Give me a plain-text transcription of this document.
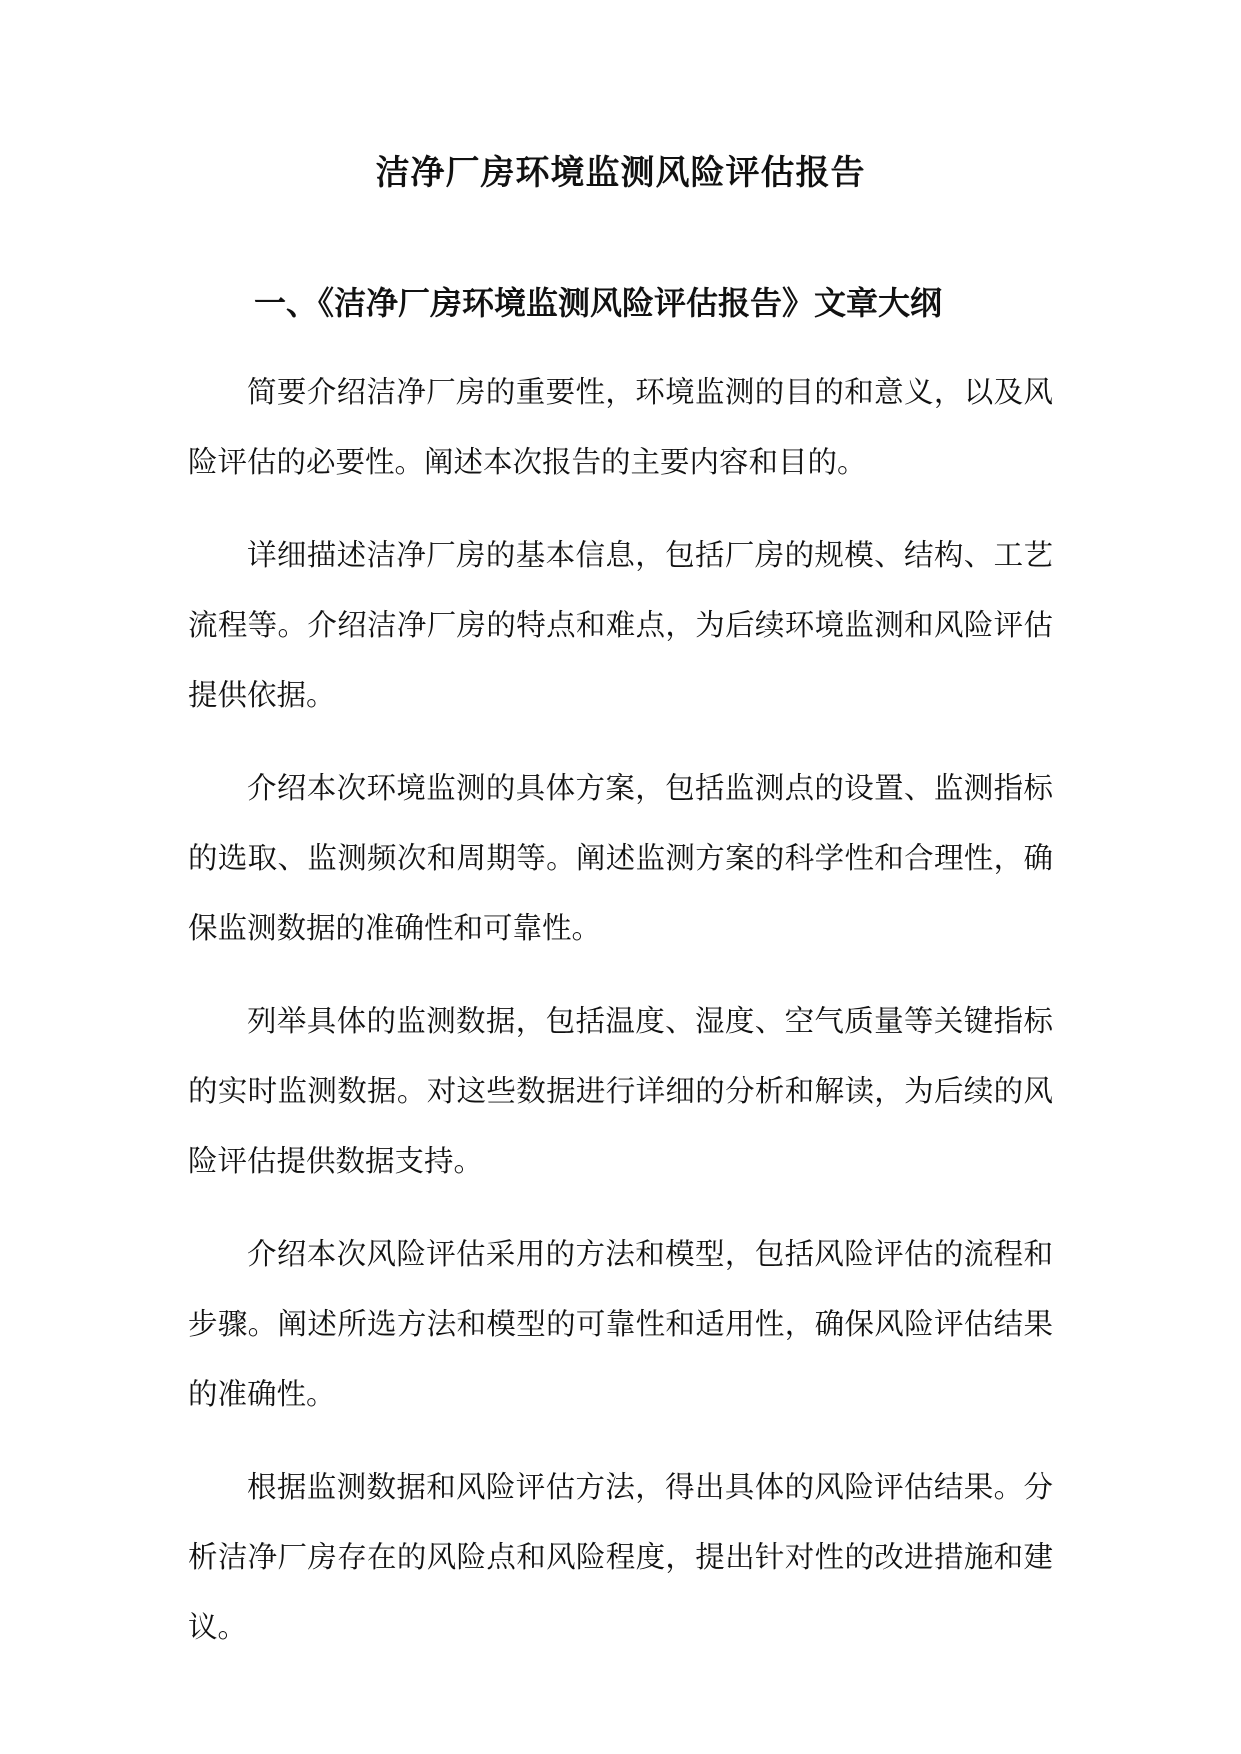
洁净厂房环境监测风险评估报告
一、《洁净厂房环境监测风险评估报告》文章大纲

简要介绍洁净厂房的重要性，环境监测的目的和意义，以及风险评估的必要性。阐述本次报告的主要内容和目的。

详细描述洁净厂房的基本信息，包括厂房的规模、结构、工艺流程等。介绍洁净厂房的特点和难点，为后续环境监测和风险评估提供依据。

介绍本次环境监测的具体方案，包括监测点的设置、监测指标的选取、监测频次和周期等。阐述监测方案的科学性和合理性，确保监测数据的准确性和可靠性。

列举具体的监测数据，包括温度、湿度、空气质量等关键指标的实时监测数据。对这些数据进行详细的分析和解读，为后续的风险评估提供数据支持。

介绍本次风险评估采用的方法和模型，包括风险评估的流程和步骤。阐述所选方法和模型的可靠性和适用性，确保风险评估结果的准确性。

根据监测数据和风险评估方法，得出具体的风险评估结果。分析洁净厂房存在的风险点和风险程度，提出针对性的改进措施和建议。
